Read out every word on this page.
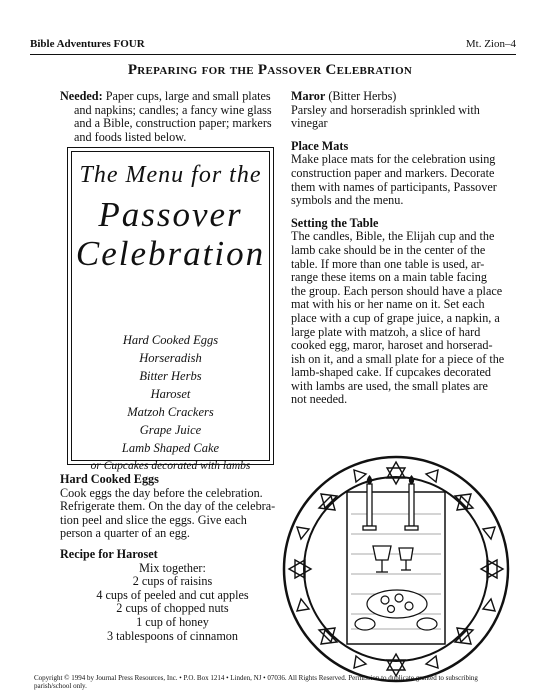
Bible Adventures FOUR	Mt. Zion–4
Preparing for the Passover Celebration
Needed: Paper cups, large and small plates
and napkins; candles; a fancy wine glass
and a Bible, construction paper; markers
and foods listed below.
The Menu for the
Passover
Celebration
Hard Cooked Eggs
Horseradish
Bitter Herbs
Haroset
Matzoh Crackers
Grape Juice
Lamb Shaped Cake
or Cupcakes decorated with lambs

Maror (Bitter Herbs)

Parsley and horseradish sprinkled with

vinegar

Place Mats

Make place mats for the celebration using

construction paper and markers. Decorate

them with names of participants, Passover

symbols and the menu.

Setting the Table

The candles, Bible, the Elijah cup and the

lamb cake should be in the center of the

table. If more than one table is used, ar-

range these items on a main table facing

the group. Each person should have a place

mat with his or her name on it. Set each

place with a cup of grape juice, a napkin, a

large plate with matzoh, a slice of hard

cooked egg, maror, haroset and horserad-

ish on it, and a small plate for a piece of the

lamb-shaped cake. If cupcakes decorated

with lambs are used, the small plates are

not needed.

Hard Cooked Eggs

Cook eggs the day before the celebration.

Refrigerate them. On the day of the celebra-

tion peel and slice the eggs. Give each

person a quarter of an egg.

Recipe for Haroset

Mix together:

2 cups of raisins

4 cups of peeled and cut apples

2 cups of chopped nuts

1 cup of honey

3 tablespoons of cinnamon

Copyright © 1994 by Journal Press Resources, Inc. • P.O. Box 1214 • Linden, NJ • 07036. All Rights Reserved. Permission to duplicate granted to subscribing parish/school only.
